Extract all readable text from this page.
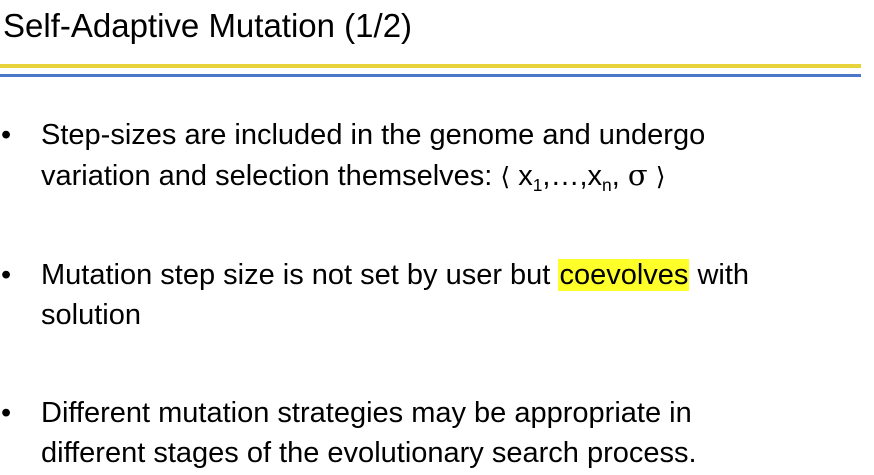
Self-Adaptive Mutation (1/2)
• Step-sizes are included in the genome and undergo
variation and selection themselves: ⟨ $x_1,\dots,x_n$, σ ⟩
• Mutation step size is not set by user but coevolves with
solution
• Different mutation strategies may be appropriate in
different stages of the evolutionary search process.
